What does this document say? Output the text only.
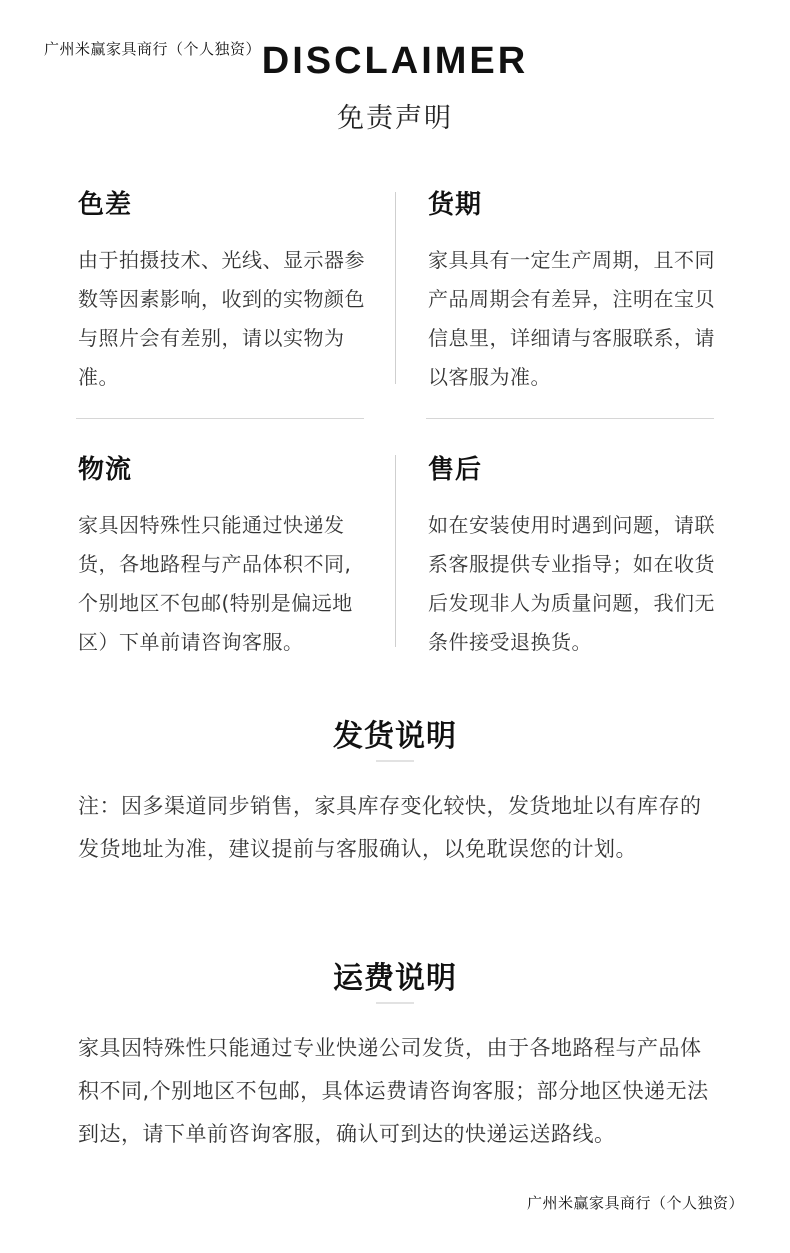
广州米赢家具商行（个人独资） DISCLAIMER
免责声明
色差

由于拍摄技术、光线、显示器参数等因素影响，收到的实物颜色与照片会有差别，请以实物为准。

货期

家具具有一定生产周期，且不同产品周期会有差异，注明在宝贝信息里，详细请与客服联系，请以客服为准。

物流

家具因特殊性只能通过快递发货，各地路程与产品体积不同,个别地区不包邮(特别是偏远地区）下单前请咨询客服。

售后

如在安装使用时遇到问题，请联系客服提供专业指导；如在收货后发现非人为质量问题，我们无条件接受退换货。

发货说明

注：因多渠道同步销售，家具库存变化较快，发货地址以有库存的发货地址为准，建议提前与客服确认，以免耽误您的计划。

运费说明

家具因特殊性只能通过专业快递公司发货，由于各地路程与产品体积不同,个别地区不包邮，具体运费请咨询客服；部分地区快递无法到达，请下单前咨询客服，确认可到达的快递运送路线。

广州米赢家具商行（个人独资）
